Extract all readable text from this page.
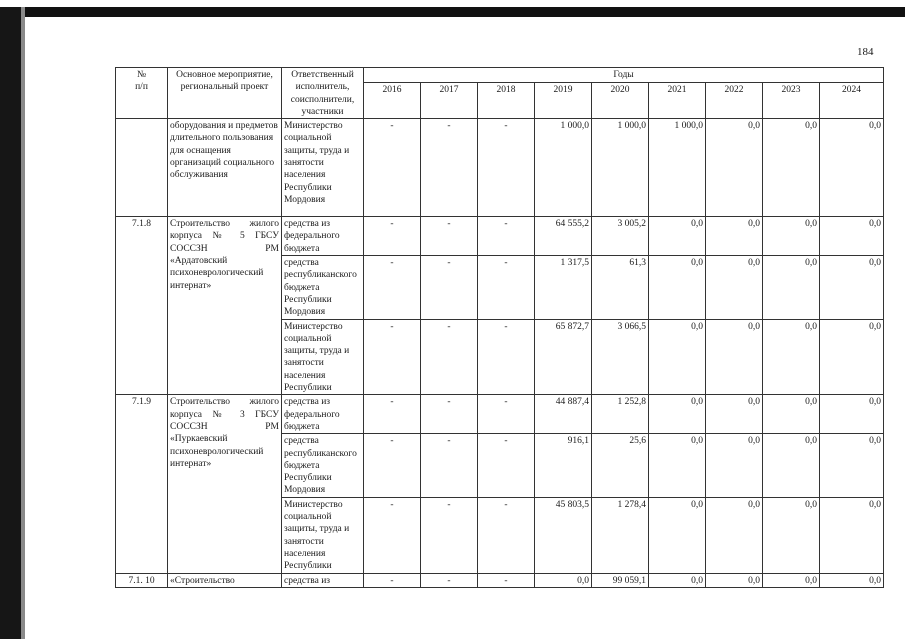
184
№
п/п	Основное мероприятие, региональный проект	Ответственный исполнитель, соисполнители, участники	Годы								
			2016	2017	2018	2019	2020	2021	2022	2023	2024
	оборудования и предметов длительного пользования для оснащения организаций социального обслуживания	Министерство социальной защиты, труда и занятости населения Республики Мордовия	-	-	-	1 000,0	1 000,0	1 000,0	0,0	0,0	0,0
7.1.8	Строительство жилого корпуса № 5 ГБСУ СОССЗН РМ «Ардатовский психоневрологический интернат»	средства из федерального бюджета	-	-	-	64 555,2	3 005,2	0,0	0,0	0,0	0,0
		средства республиканского бюджета Республики Мордовия	-	-	-	1 317,5	61,3	0,0	0,0	0,0	0,0
		Министерство социальной защиты, труда и занятости населения Республики	-	-	-	65 872,7	3 066,5	0,0	0,0	0,0	0,0
7.1.9	Строительство жилого корпуса № 3 ГБСУ СОССЗН РМ «Пуркаевский психоневрологический интернат»	средства из федерального бюджета	-	-	-	44 887,4	1 252,8	0,0	0,0	0,0	0,0
		средства республиканского бюджета Республики Мордовия	-	-	-	916,1	25,6	0,0	0,0	0,0	0,0
		Министерство социальной защиты, труда и занятости населения Республики	-	-	-	45 803,5	1 278,4	0,0	0,0	0,0	0,0
7.1. 10	«Строительство	средства из	-	-	-	0,0	99 059,1	0,0	0,0	0,0	0,0
